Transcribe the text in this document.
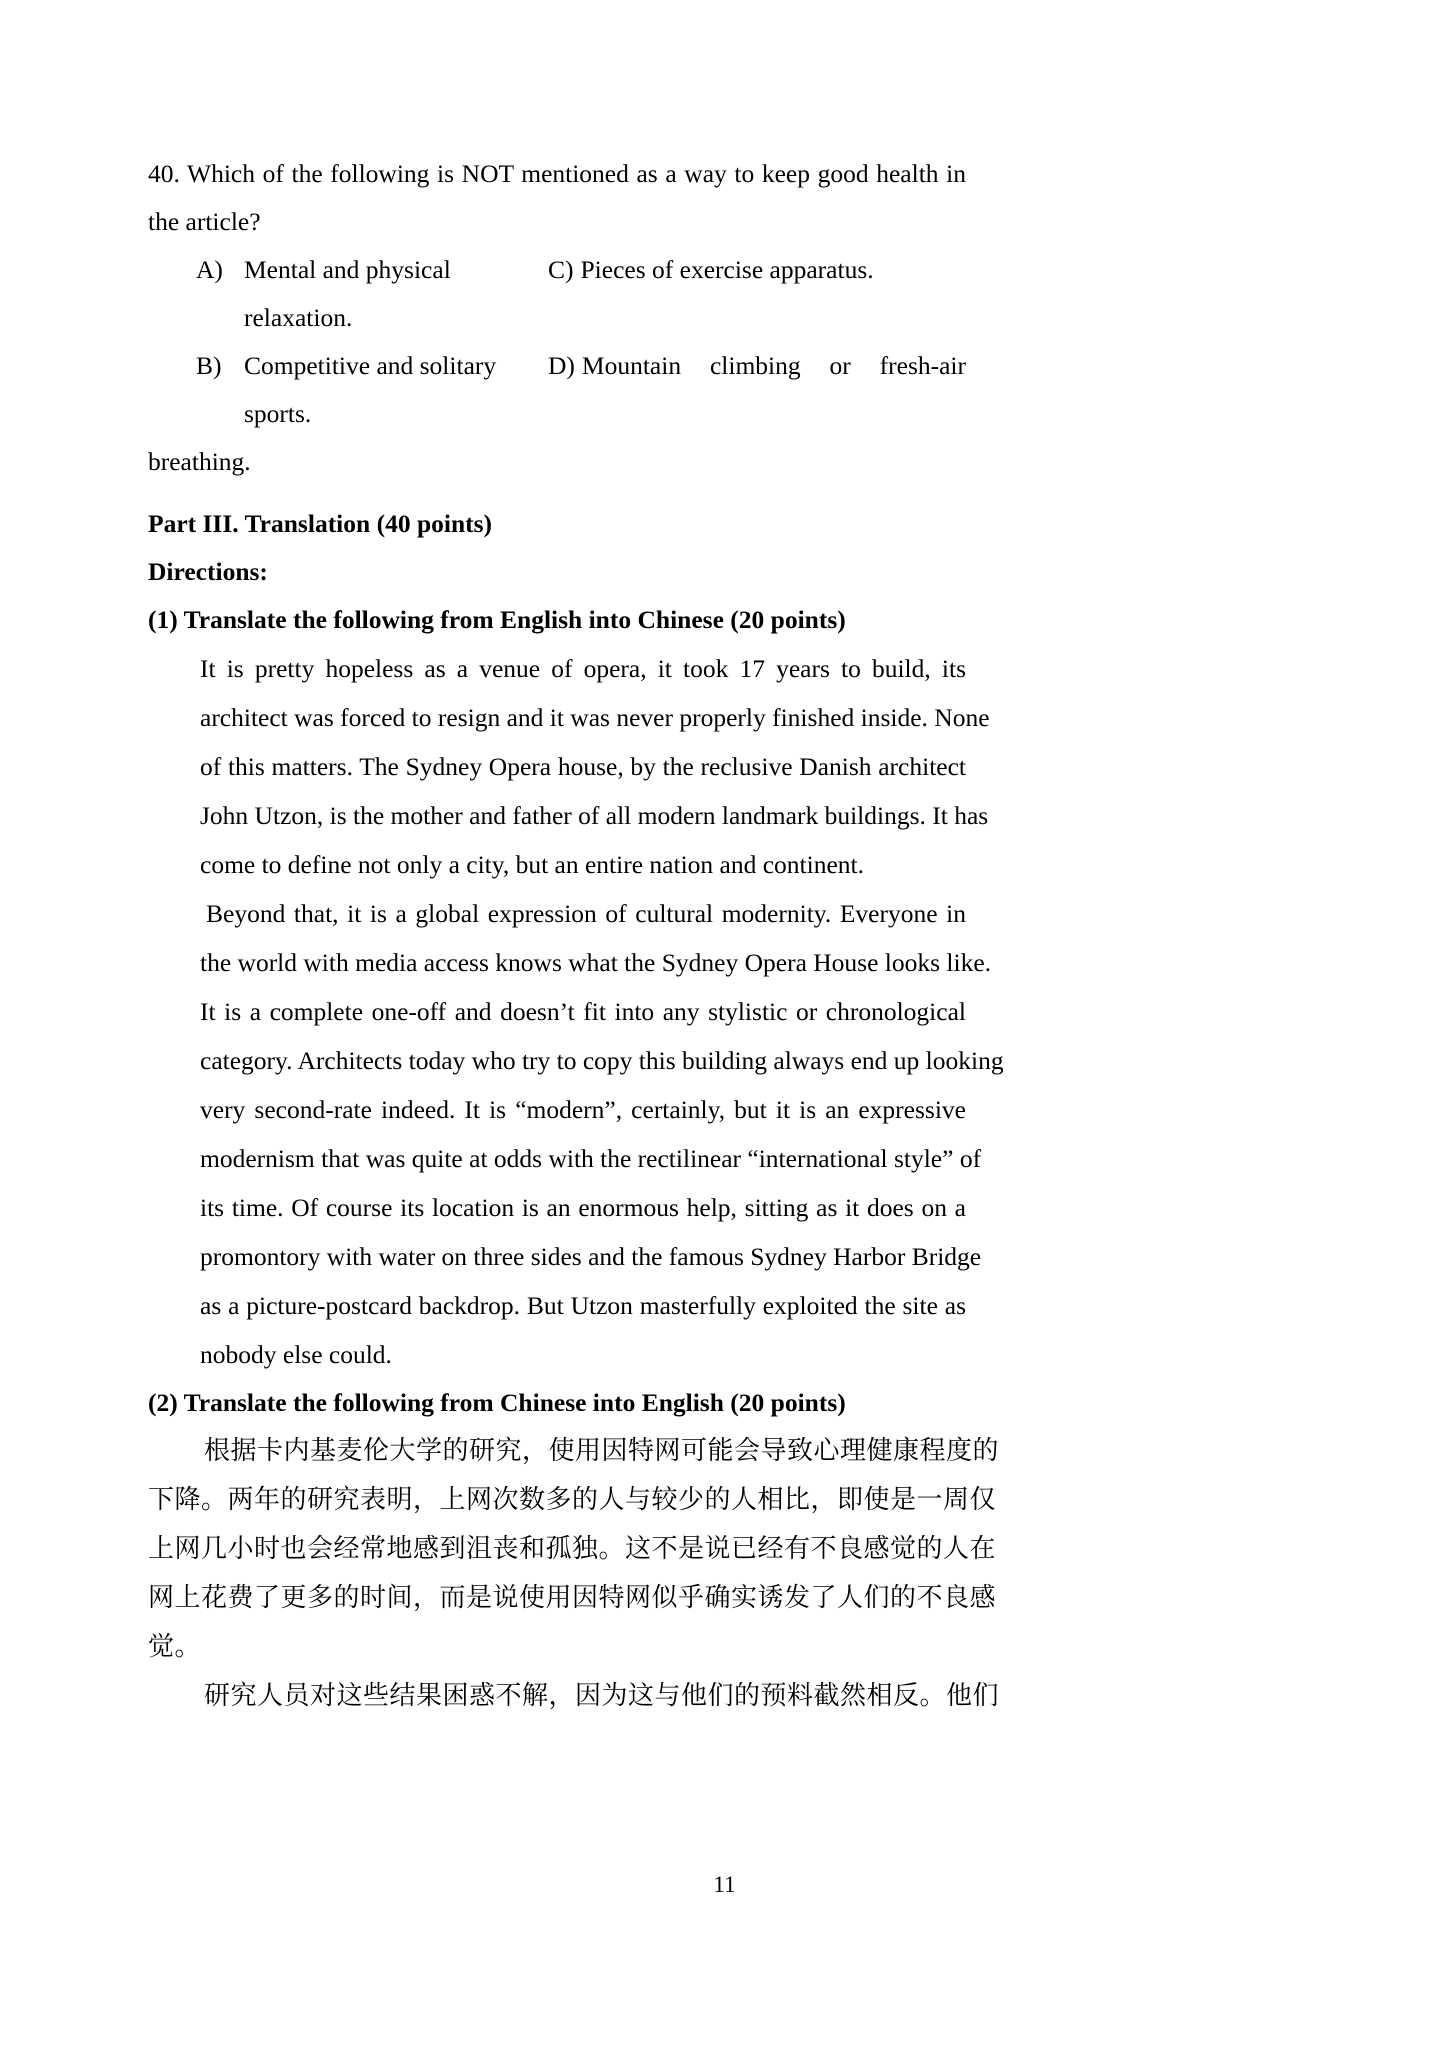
40. Which of the following is NOT mentioned as a way to keep good health in
the article?

A) Mental and physical relaxation.
C) Pieces of exercise apparatus.
B) Competitive and solitary sports.
D) Mountain climbing or fresh-air
breathing.

Part III. Translation (40 points)

Directions:

(1) Translate the following from English into Chinese (20 points)

It is pretty hopeless as a venue of opera, it took 17 years to build, its
architect was forced to resign and it was never properly finished inside. None
of this matters. The Sydney Opera house, by the reclusive Danish architect
John Utzon, is the mother and father of all modern landmark buildings. It has
come to define not only a city, but an entire nation and continent.

Beyond that, it is a global expression of cultural modernity. Everyone in
the world with media access knows what the Sydney Opera House looks like.
It is a complete one-off and doesn’t fit into any stylistic or chronological
category. Architects today who try to copy this building always end up looking
very second-rate indeed. It is “modern”, certainly, but it is an expressive
modernism that was quite at odds with the rectilinear “international style” of
its time. Of course its location is an enormous help, sitting as it does on a
promontory with water on three sides and the famous Sydney Harbor Bridge
as a picture-postcard backdrop. But Utzon masterfully exploited the site as
nobody else could.

(2) Translate the following from Chinese into English (20 points)

根据卡内基麦伦大学的研究，使用因特网可能会导致心理健康程度的
下降。两年的研究表明，上网次数多的人与较少的人相比，即使是一周仅
上网几小时也会经常地感到沮丧和孤独。这不是说已经有不良感觉的人在
网上花费了更多的时间，而是说使用因特网似乎确实诱发了人们的不良感
觉。
研究人员对这些结果困惑不解，因为这与他们的预料截然相反。他们
11
